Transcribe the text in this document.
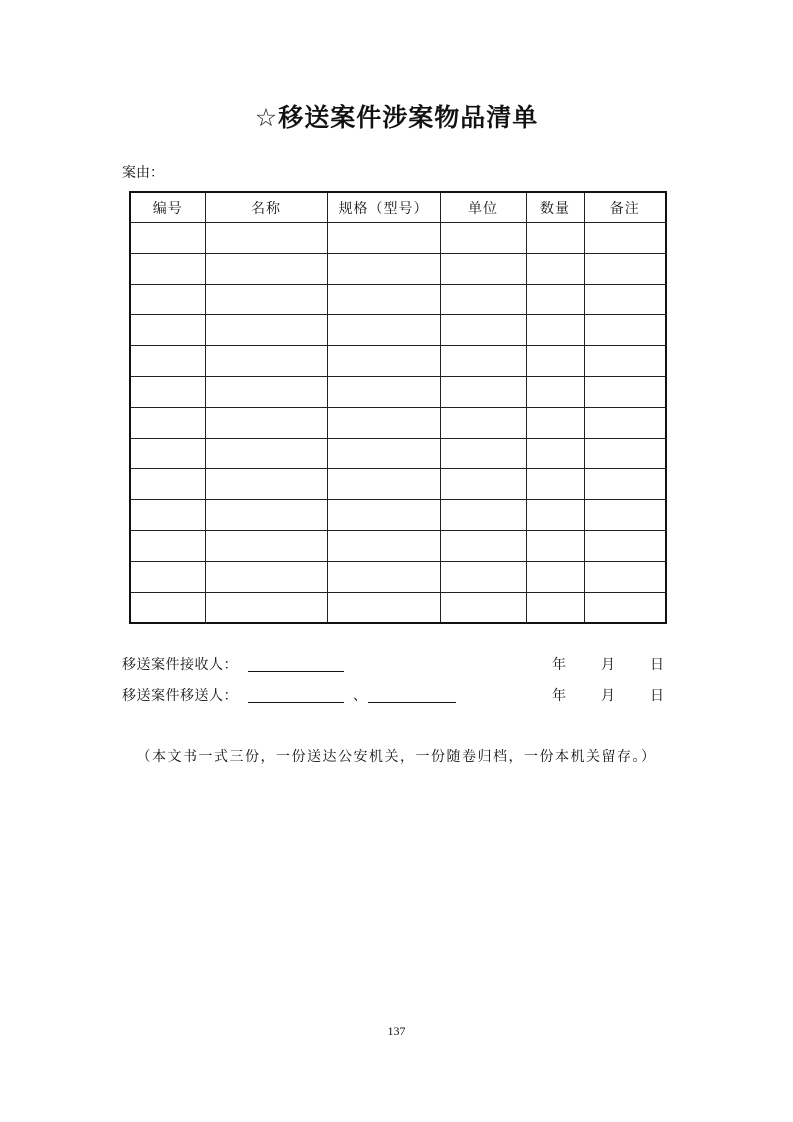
☆移送案件涉案物品清单
案由：
编号	名称	规格（型号）	单位	数量	备注

移送案件接收人：	年	月	日
移送案件移送人：	、	年	月	日
（本文书一式三份，一份送达公安机关，一份随卷归档，一份本机关留存。）
137
